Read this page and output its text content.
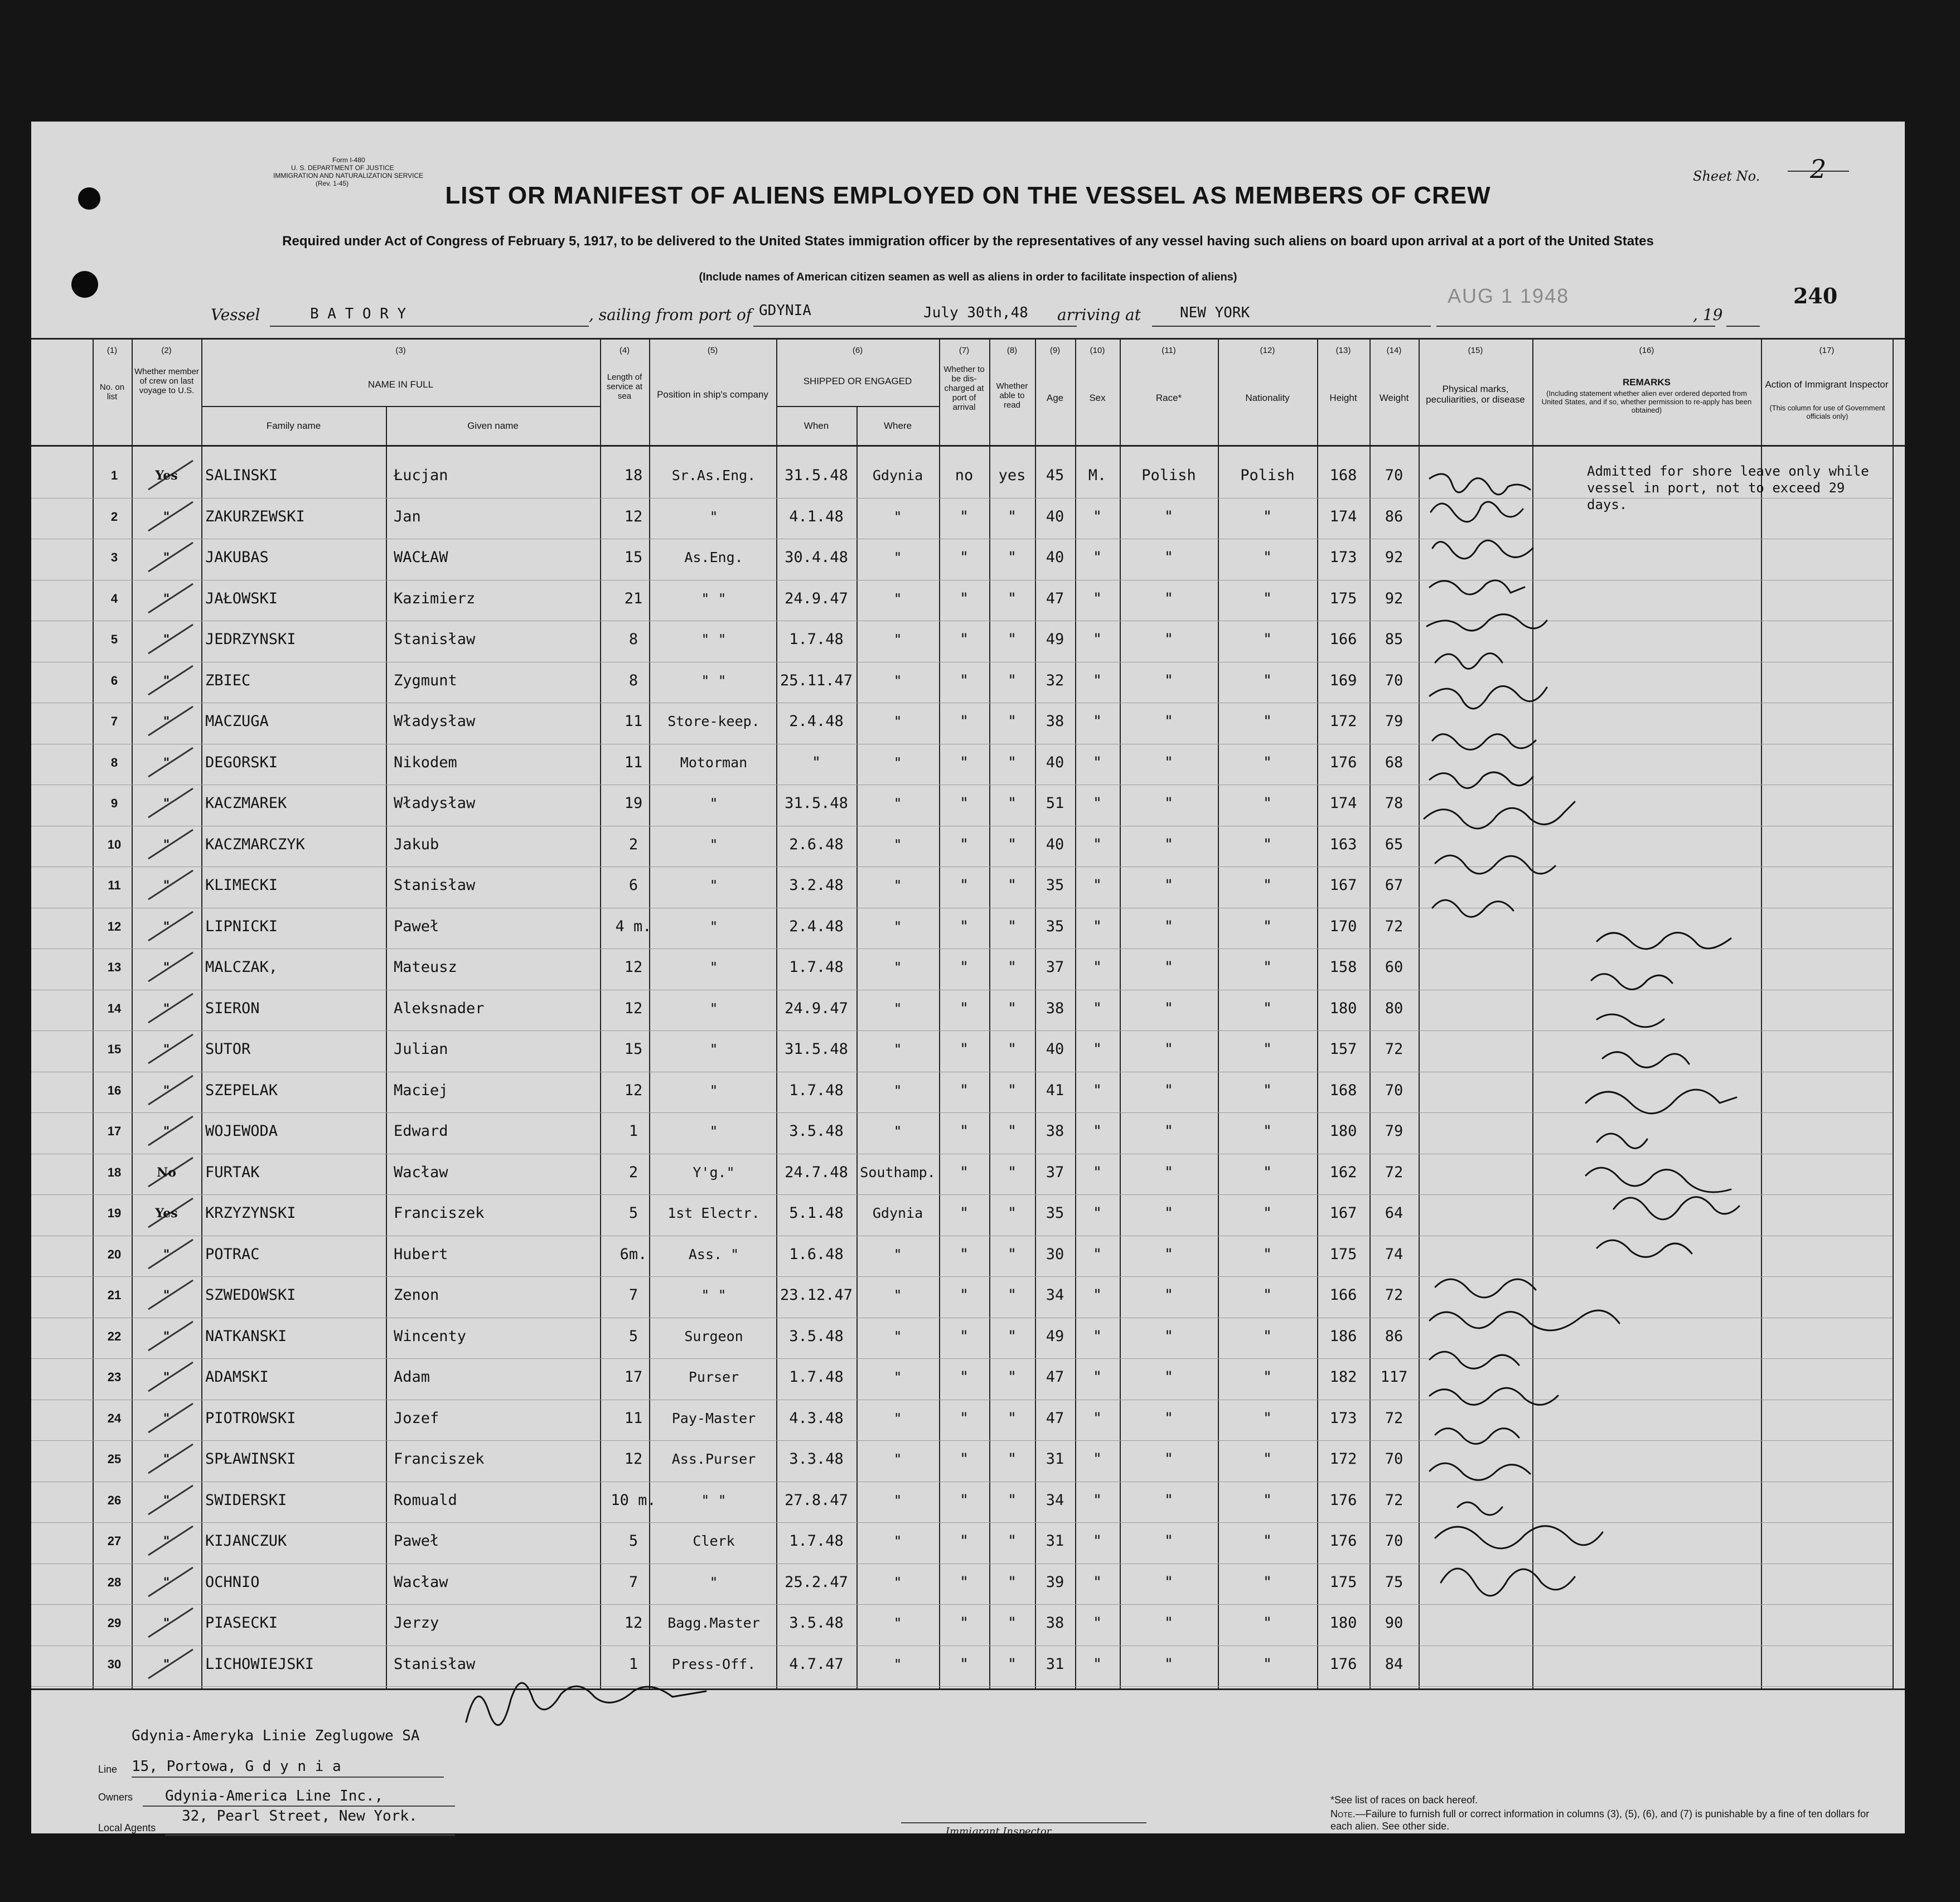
Form I-480
U. S. DEPARTMENT OF JUSTICE
IMMIGRATION AND NATURALIZATION SERVICE
(Rev. 1-45)	Sheet No. 2
LIST OR MANIFEST OF ALIENS EMPLOYED ON THE VESSEL AS MEMBERS OF CREW
Required under Act of Congress of February 5, 1917, to be delivered to the United States immigration officer by the representatives of any vessel having such aliens on board upon arrival at a port of the United States
(Include names of American citizen seamen as well as aliens in order to facilitate inspection of aliens)
Vessel	B A T O R Y	, sailing from port of GDYNIA	July 30th,48 arriving at	NEW YORK
AUG 1 1948
, 19
240
(1)	(2)	(3)	(4)	(5)	(6)	(7)	(8)	(9)	(10)	(11)	(12)	(13)	(14)	(15)	(16)	(17)
No. on list
Whether member of crew on last voyage to U.S.
NAME IN FULL
Family name	Given name
Length of service at sea	Position in ship's company
SHIPPED OR ENGAGED
When	Where
Whether to be dis-charged at port of arrival
Whether able to read
Age	Sex	Race*	Nationality	Height	Weight
Physical marks, peculiarities, or disease
REMARKS
(Including statement whether alien ever ordered deported from United States, and if so, whether permission to re-apply has been obtained)
Action of Immigrant Inspector
(This column for use of Government officials only)
1	Yes	SALINSKI	Łucjan	18	Sr.As.Eng.	31.5.48	Gdynia	no	yes	45	M.	Polish	Polish	168	70
2	"	ZAKURZEWSKI	Jan	12	"	4.1.48	"	"	"	40	"	"	"	174	86
3	"	JAKUBAS	WACŁAW	15	As.Eng.	30.4.48	"	"	"	40	"	"	"	173	92
4	"	JAŁOWSKI	Kazimierz	21	" "	24.9.47	"	"	"	47	"	"	"	175	92
5	"	JEDRZYNSKI	Stanisław	8	" "	1.7.48	"	"	"	49	"	"	"	166	85
6	"	ZBIEC	Zygmunt	8	" "	25.11.47	"	"	"	32	"	"	"	169	70
7	"	MACZUGA	Władysław	11	Store-keep.	2.4.48	"	"	"	38	"	"	"	172	79
8	"	DEGORSKI	Nikodem	11	Motorman	"	"	"	"	40	"	"	"	176	68
9	"	KACZMAREK	Władysław	19	"	31.5.48	"	"	"	51	"	"	"	174	78
10	"	KACZMARCZYK	Jakub	2	"	2.6.48	"	"	"	40	"	"	"	163	65
11	"	KLIMECKI	Stanisław	6	"	3.2.48	"	"	"	35	"	"	"	167	67
12	"	LIPNICKI	Paweł	4 m.	"	2.4.48	"	"	"	35	"	"	"	170	72
13	"	MALCZAK,	Mateusz	12	"	1.7.48	"	"	"	37	"	"	"	158	60
14	"	SIERON	Aleksnader	12	"	24.9.47	"	"	"	38	"	"	"	180	80
15	"	SUTOR	Julian	15	"	31.5.48	"	"	"	40	"	"	"	157	72
16	"	SZEPELAK	Maciej	12	"	1.7.48	"	"	"	41	"	"	"	168	70
17	"	WOJEWODA	Edward	1	"	3.5.48	"	"	"	38	"	"	"	180	79
18	No	FURTAK	Wacław	2	Y'g."	24.7.48 Southamp.	"	"	37	"	"	"	162	72
19	Yes	KRZYZYNSKI	Franciszek	5	1st Electr.	5.1.48	Gdynia	"	"	35	"	"	"	167	64
20	"	POTRAC	Hubert	6m.	Ass. "	1.6.48	"	"	"	30	"	"	"	175	74
21	"	SZWEDOWSKI	Zenon	7	" "	23.12.47	"	"	"	34	"	"	"	166	72
22	"	NATKANSKI	Wincenty	5	Surgeon	3.5.48	"	"	"	49	"	"	"	186	86
23	"	ADAMSKI	Adam	17	Purser	1.7.48	"	"	"	47	"	"	"	182	117
24	"	PIOTROWSKI	Jozef	11	Pay-Master	4.3.48	"	"	"	47	"	"	"	173	72
25	"	SPŁAWINSKI	Franciszek	12	Ass.Purser	3.3.48	"	"	"	31	"	"	"	172	70
26	"	SWIDERSKI	Romuald	10 m.	" "	27.8.47	"	"	"	34	"	"	"	176	72
27	"	KIJANCZUK	Paweł	5	Clerk	1.7.48	"	"	"	31	"	"	"	176	70
28	"	OCHNIO	Wacław	7	"	25.2.47	"	"	"	39	"	"	"	175	75
29	"	PIASECKI	Jerzy	12	Bagg.Master	3.5.48	"	"	"	38	"	"	"	180	90
30	"	LICHOWIEJSKI	Stanisław	1	Press-Off.	4.7.47	"	"	"	31	"	"	"	176	84
Admitted for shore leave only while vessel in port, not to exceed 29 days.
Gdynia-Ameryka Linie Zeglugowe SA
Line 15, Portowa, G d y n i a
Owners Gdynia-America Line Inc.,
32, Pearl Street, New York.
Local Agents	Immigrant Inspector.
*See list of races on back hereof.
Note.—Failure to furnish full or correct information in columns (3), (5), (6), and (7) is punishable by a fine of ten dollars for each alien. See other side.
